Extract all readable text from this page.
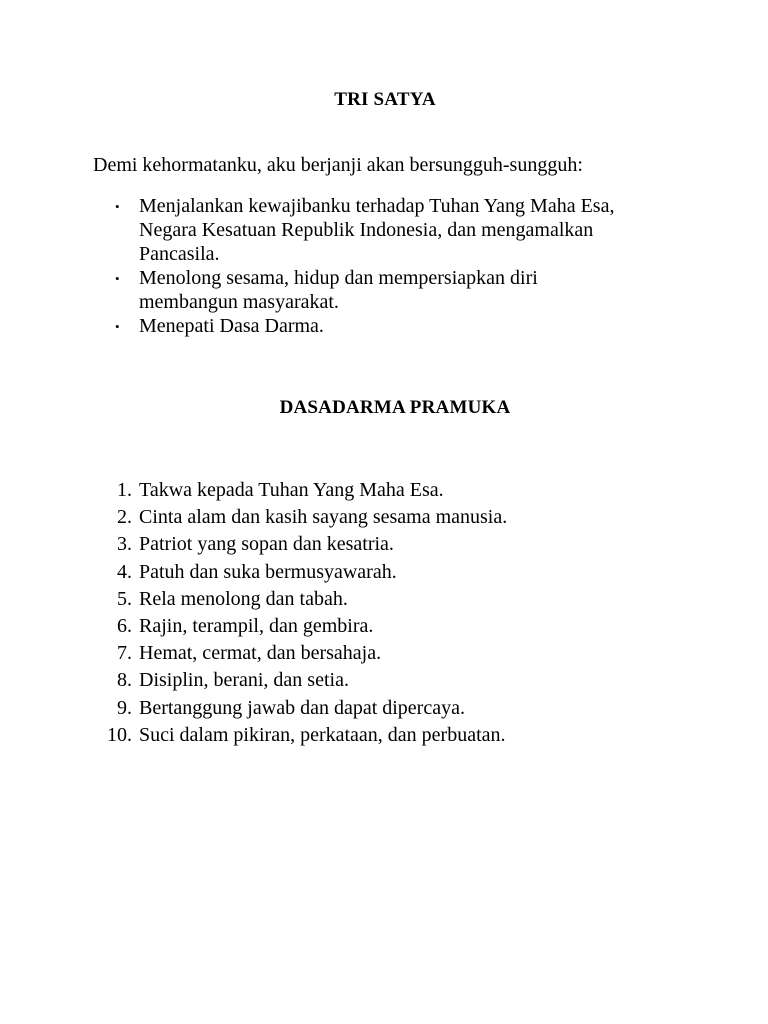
TRI SATYA
Demi kehormatanku, aku berjanji akan bersungguh-sungguh:
• Menjalankan kewajibanku terhadap Tuhan Yang Maha Esa,
Negara Kesatuan Republik Indonesia, dan mengamalkan
Pancasila.
• Menolong sesama, hidup dan mempersiapkan diri
membangun masyarakat.
• Menepati Dasa Darma.
DASADARMA PRAMUKA
1. Takwa kepada Tuhan Yang Maha Esa.
2. Cinta alam dan kasih sayang sesama manusia.
3. Patriot yang sopan dan kesatria.
4. Patuh dan suka bermusyawarah.
5. Rela menolong dan tabah.
6. Rajin, terampil, dan gembira.
7. Hemat, cermat, dan bersahaja.
8. Disiplin, berani, dan setia.
9. Bertanggung jawab dan dapat dipercaya.
10. Suci dalam pikiran, perkataan, dan perbuatan.
